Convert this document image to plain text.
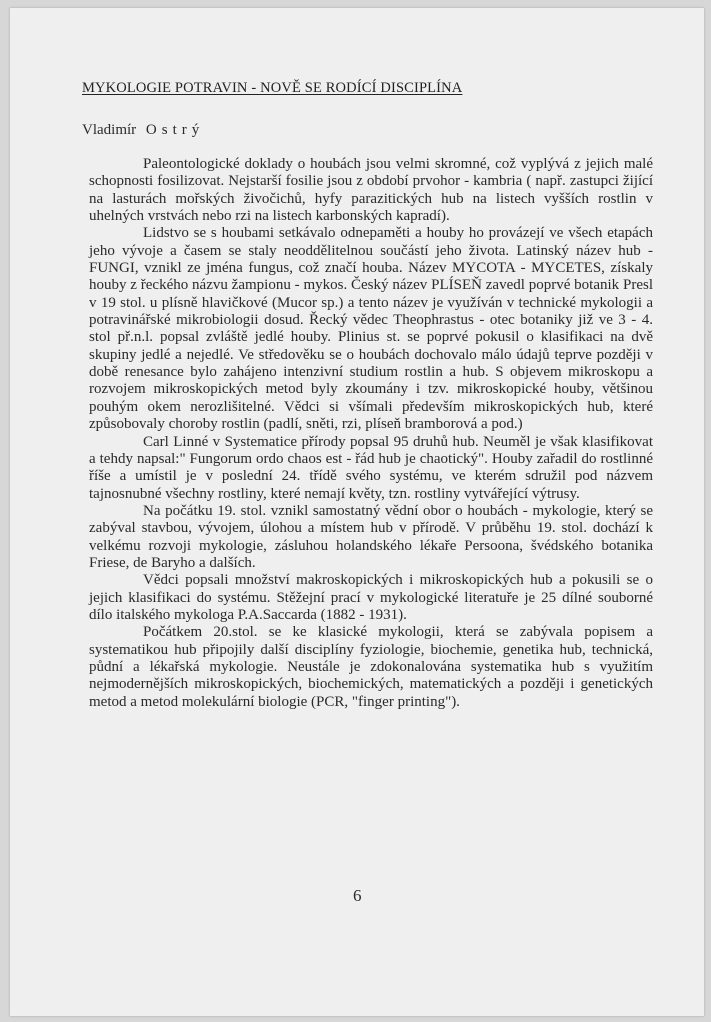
MYKOLOGIE POTRAVIN - NOVĚ SE RODÍCÍ DISCIPLÍNA
Vladimír Ostrý

Paleontologické doklady o houbách jsou velmi skromné, což vyplývá z jejich malé schopnosti fosilizovat. Nejstarší fosilie jsou z období prvohor - kambria ( např. zastupci žijící na lasturách mořských živočichů, hyfy parazitických hub na listech vyšších rostlin v uhelných vrstvách nebo rzi na listech karbonských kapradí).

Lidstvo se s houbami setkávalo odnepaměti a houby ho provázejí ve všech etapách jeho vývoje a časem se staly neoddělitelnou součástí jeho života. Latinský název hub - FUNGI, vznikl ze jména fungus, což značí houba. Název MYCOTA - MYCETES, získaly houby z řeckého názvu žampionu - mykos. Český název PLÍSEŇ zavedl poprvé botanik Presl v 19 stol. u plísně hlavičkové (Mucor sp.) a tento název je využíván v technické mykologii a potravinářské mikrobiologii dosud. Řecký vědec Theophrastus - otec botaniky již ve 3 - 4. stol př.n.l. popsal zvláště jedlé houby. Plinius st. se poprvé pokusil o klasifikaci na dvě skupiny jedlé a nejedlé. Ve středověku se o houbách dochovalo málo údajů teprve později v době renesance bylo zahájeno intenzivní studium rostlin a hub. S objevem mikroskopu a rozvojem mikroskopických metod byly zkoumány i tzv. mikroskopické houby, většinou pouhým okem nerozlišitelné. Vědci si všímali především mikroskopických hub, které způsobovaly choroby rostlin (padlí, sněti, rzi, plíseň bramborová a pod.)

Carl Linné v Systematice přírody popsal 95 druhů hub. Neuměl je však klasifikovat a tehdy napsal:" Fungorum ordo chaos est - řád hub je chaotický". Houby zařadil do rostlinné říše a umístil je v poslední 24. třídě svého systému, ve kterém sdružil pod názvem tajnosnubné všechny rostliny, které nemají květy, tzn. rostliny vytvářející výtrusy.

Na počátku 19. stol. vznikl samostatný vědní obor o houbách - mykologie, který se zabýval stavbou, vývojem, úlohou a místem hub v přírodě. V průběhu 19. stol. dochází k velkému rozvoji mykologie, zásluhou holandského lékaře Persoona, švédského botanika Friese, de Baryho a dalších.

Vědci popsali množství makroskopických i mikroskopických hub a pokusili se o jejich klasifikaci do systému. Stěžejní prací v mykologické literatuře je 25 dílné souborné dílo italského mykologa P.A.Saccarda (1882 - 1931).

Počátkem 20.stol. se ke klasické mykologii, která se zabývala popisem a systematikou hub připojily další disciplíny fyziologie, biochemie, genetika hub, technická, půdní a lékařská mykologie. Neustále je zdokonalována systematika hub s využitím nejmodernějších mikroskopických, biochemických, matematických a později i genetických metod a metod molekulární biologie (PCR, "finger printing").

6
